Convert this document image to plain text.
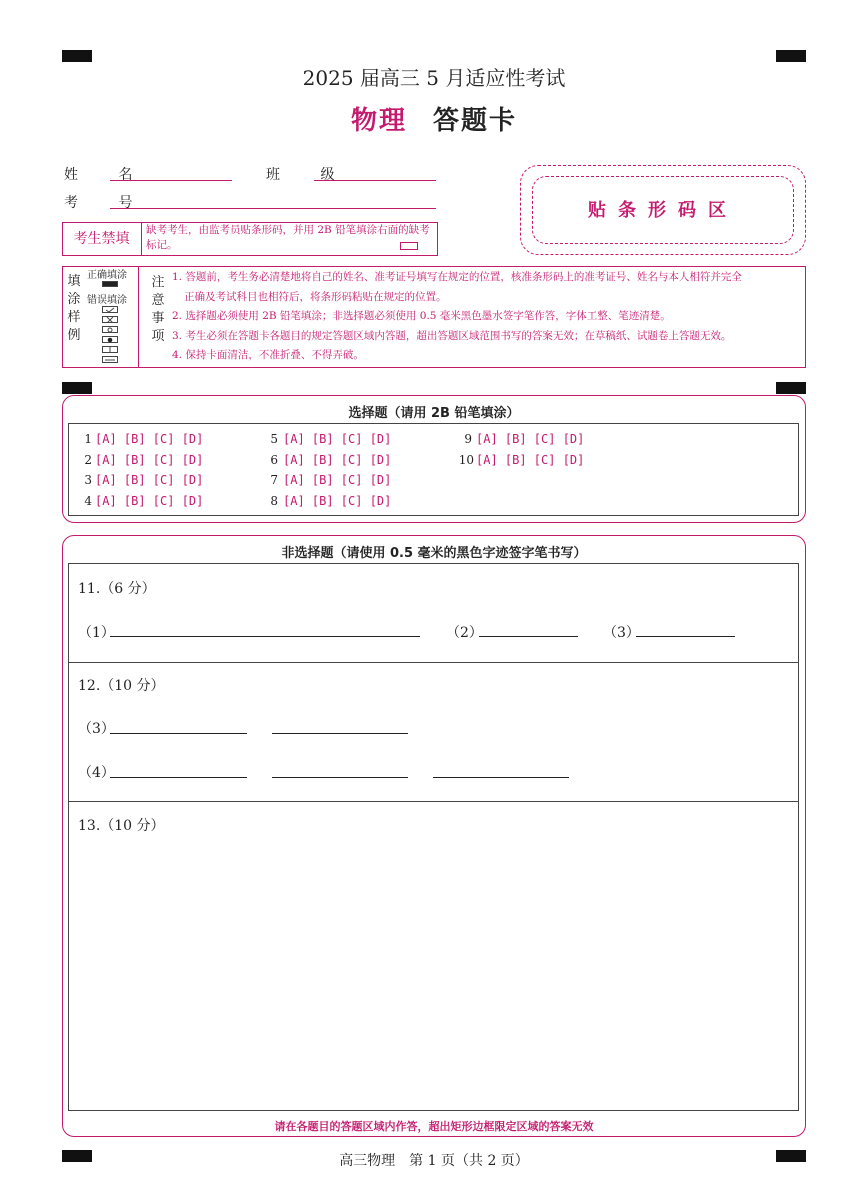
2025 届高三 5 月适应性考试
物理 答题卡
姓 名	班 级
考 号	贴条形码区
考生禁填
缺考考生，由监考员贴条形码，并用 2B 铅笔填涂右面的缺考标记。
填
涂
样
例
正确填涂
错误填涂
注
意
事
项
1. 答题前，考生务必清楚地将自己的姓名、准考证号填写在规定的位置，核准条形码上的准考证号、姓名与本人相符并完全
正确及考试科目也相符后，将条形码粘贴在规定的位置。
2. 选择题必须使用 2B 铅笔填涂；非选择题必须使用 0.5 毫米黑色墨水签字笔作答，字体工整、笔迹清楚。
3. 考生必须在答题卡各题目的规定答题区域内答题，超出答题区域范围书写的答案无效；在草稿纸、试题卷上答题无效。
4. 保持卡面清洁，不准折叠、不得弄破。
选择题（请用 2B 铅笔填涂）
1 [A] [B] [C] [D]
2 [A] [B] [C] [D]
3 [A] [B] [C] [D]
4 [A] [B] [C] [D]
5 [A] [B] [C] [D]
6 [A] [B] [C] [D]
7 [A] [B] [C] [D]
8 [A] [B] [C] [D]
9 [A] [B] [C] [D]
10 [A] [B] [C] [D]
非选择题（请使用 0.5 毫米的黑色字迹签字笔书写）
11.（6 分）
（1）	（2）	（3）
12.（10 分）
（3）
（4）
13.（10 分）
请在各题目的答题区域内作答，超出矩形边框限定区域的答案无效
高三物理　第 1 页（共 2 页）
